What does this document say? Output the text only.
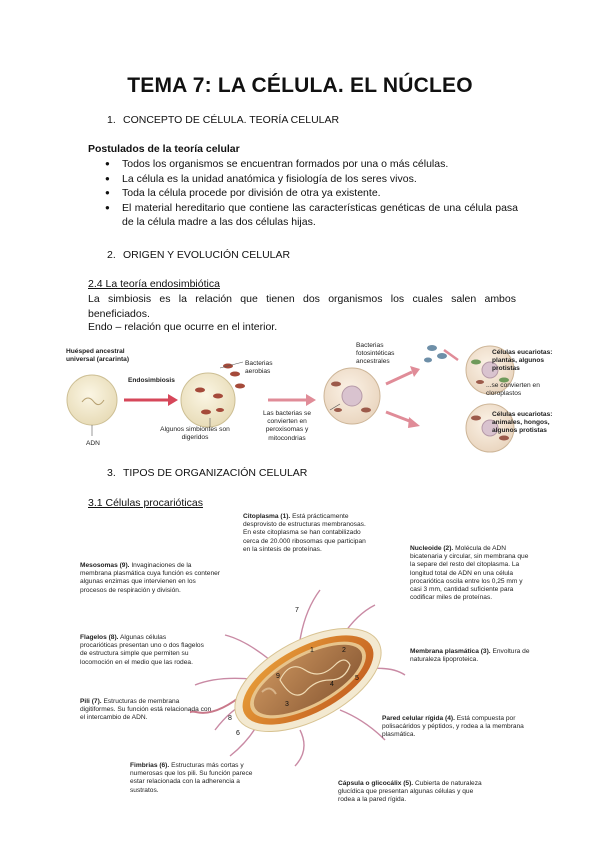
TEMA 7: LA CÉLULA. EL NÚCLEO
1. CONCEPTO DE CÉLULA. TEORÍA CELULAR
Postulados de la teoría celular
● Todos los organismos se encuentran formados por una o más células.
● La célula es la unidad anatómica y fisiología de los seres vivos.
● Toda la célula procede por división de otra ya existente.
● El material hereditario que contiene las características genéticas de una célula pasa de la célula madre a las dos células hijas.
2. ORIGEN Y EVOLUCIÓN CELULAR
2.4 La teoría endosimbiótica
La simbiosis es la relación que tienen dos organismos los cuales salen ambos beneficiados.
Endo – relación que ocurre en el interior.
Huésped ancestral universal (arcarinta)
Endosimbiosis
ADN
Bacterias aerobias
Algunos simbiontes son digeridos
Las bacterias se convierten en peroxisomas y mitocondrias
Bacterias fotosintéticas ancestrales
Células eucariotas: plantas, algunos protistas
...se convierten en cloroplastos
Células eucariotas: animales, hongos, algunos protistas
3. TIPOS DE ORGANIZACIÓN CELULAR
3.1 Células procarióticas
1	2
3
4
5
6
7
8
9
Citoplasma (1). Está prácticamente desprovisto de estructuras membranosas. En este citoplasma se han contabilizado cerca de 20.000 ribosomas que participan en la síntesis de proteínas.
Mesosomas (9). Invaginaciones de la membrana plasmática cuya función es contener algunas enzimas que intervienen en los procesos de respiración y división.
Nucleoide (2). Molécula de ADN bicatenaria y circular, sin membrana que la separe del resto del citoplasma. La longitud total de ADN en una célula procariótica oscila entre los 0,25 mm y casi 3 mm, cantidad suficiente para codificar miles de proteínas.
Flagelos (8). Algunas células procarióticas presentan uno o dos flagelos de estructura simple que permiten su locomoción en el medio que las rodea.
Membrana plasmática (3). Envoltura de naturaleza lipoproteica.
Pili (7). Estructuras de membrana digitiformes. Su función está relacionada con el intercambio de ADN.	Pared celular rígida (4). Está compuesta por polisacáridos y péptidos, y rodea a la membrana plasmática.
Fimbrias (6). Estructuras más cortas y numerosas que los pili. Su función parece estar relacionada con la adherencia a sustratos.
Cápsula o glicocálix (5). Cubierta de naturaleza glucídica que presentan algunas células y que rodea a la pared rígida.
